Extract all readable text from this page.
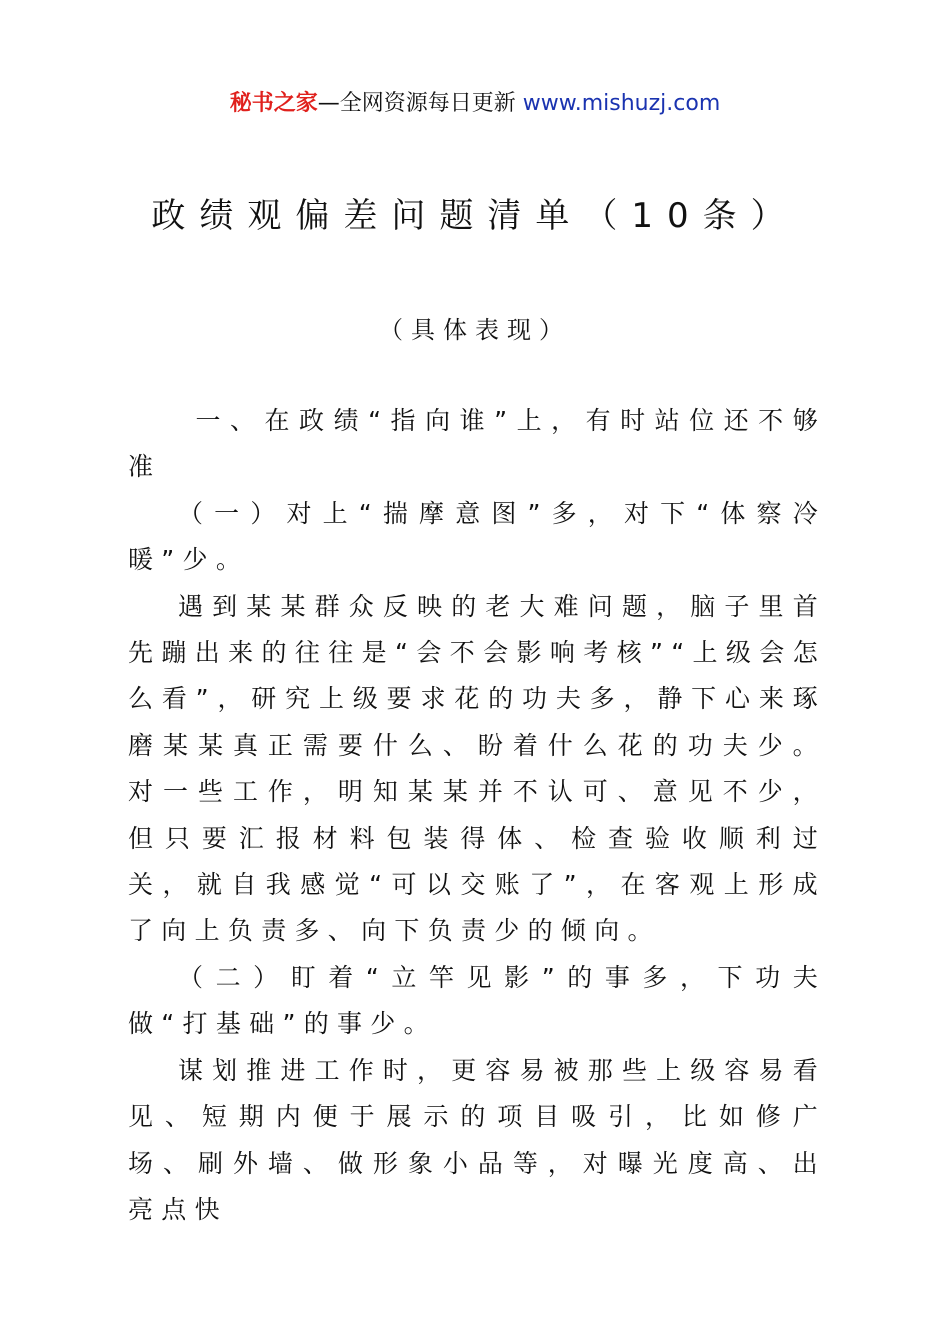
秘书之家—全网资源每日更新 www.mishuzj.com
政绩观偏差问题清单（10条）
（具体表现）

一、在政绩“指向谁”上，有时站位还不够准

（一）对上“揣摩意图”多，对下“体察冷暖”少。

遇到某某群众反映的老大难问题，脑子里首先蹦出来的往往是“会不会影响考核”“上级会怎么看”，研究上级要求花的功夫多，静下心来琢磨某某真正需要什么、盼着什么花的功夫少。对一些工作，明知某某并不认可、意见不少，但只要汇报材料包装得体、检查验收顺利过关，就自我感觉“可以交账了”，在客观上形成了向上负责多、向下负责少的倾向。

（二）盯着“立竿见影”的事多，下功夫做“打基础”的事少。

谋划推进工作时，更容易被那些上级容易看见、短期内便于展示的项目吸引，比如修广场、刷外墙、做形象小品等，对曝光度高、出亮点快
